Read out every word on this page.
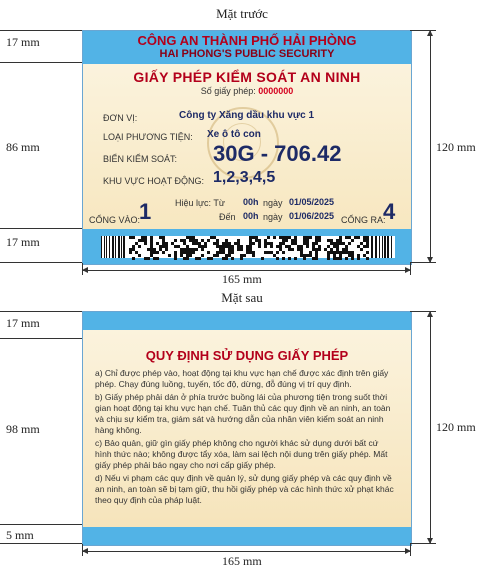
Mặt trước
CÔNG AN THÀNH PHỐ HẢI PHÒNG
HAI PHONG'S PUBLIC SECURITY
GIẤY PHÉP KIỂM SOÁT AN NINH
Số giấy phép: 0000000
ĐƠN VỊ:	Công ty Xăng dầu khu vực 1
LOẠI PHƯƠNG TIỆN: Xe ô tô con
BIỂN KIỂM SOÁT: 30G - 706.42
KHU VỰC HOẠT ĐỘNG: 1,2,3,4,5
Hiệu lực: Từ 00h ngày 01/05/2025
Đến 00h ngày 01/06/2025
CỔNG VÀO:
1	CỔNG RA:
4
17 mm
86 mm
17 mm
120 mm
165 mm
Mặt sau
QUY ĐỊNH SỬ DỤNG GIẤY PHÉP
a) Chỉ được phép vào, hoạt động tại khu vực hạn chế được xác định trên giấy phép. Chạy đúng luồng, tuyến, tốc độ, dừng, đỗ đúng vị trí quy định.
b) Giấy phép phải dán ở phía trước buồng lái của phương tiện trong suốt thời gian hoạt động tại khu vực hạn chế. Tuân thủ các quy định về an ninh, an toàn và chịu sự kiểm tra, giám sát và hướng dẫn của nhân viên kiểm soát an ninh hàng không.
c) Bảo quản, giữ gìn giấy phép không cho người khác sử dụng dưới bất cứ hình thức nào; không được tẩy xóa, làm sai lệch nội dung trên giấy phép. Mất giấy phép phải báo ngay cho nơi cấp giấy phép.
d) Nếu vi phạm các quy định về quản lý, sử dụng giấy phép và các quy định về an ninh, an toàn sẽ bị tạm giữ, thu hồi giấy phép và các hình thức xử phạt khác theo quy định của pháp luật.
17 mm
98 mm
5 mm
120 mm
165 mm
